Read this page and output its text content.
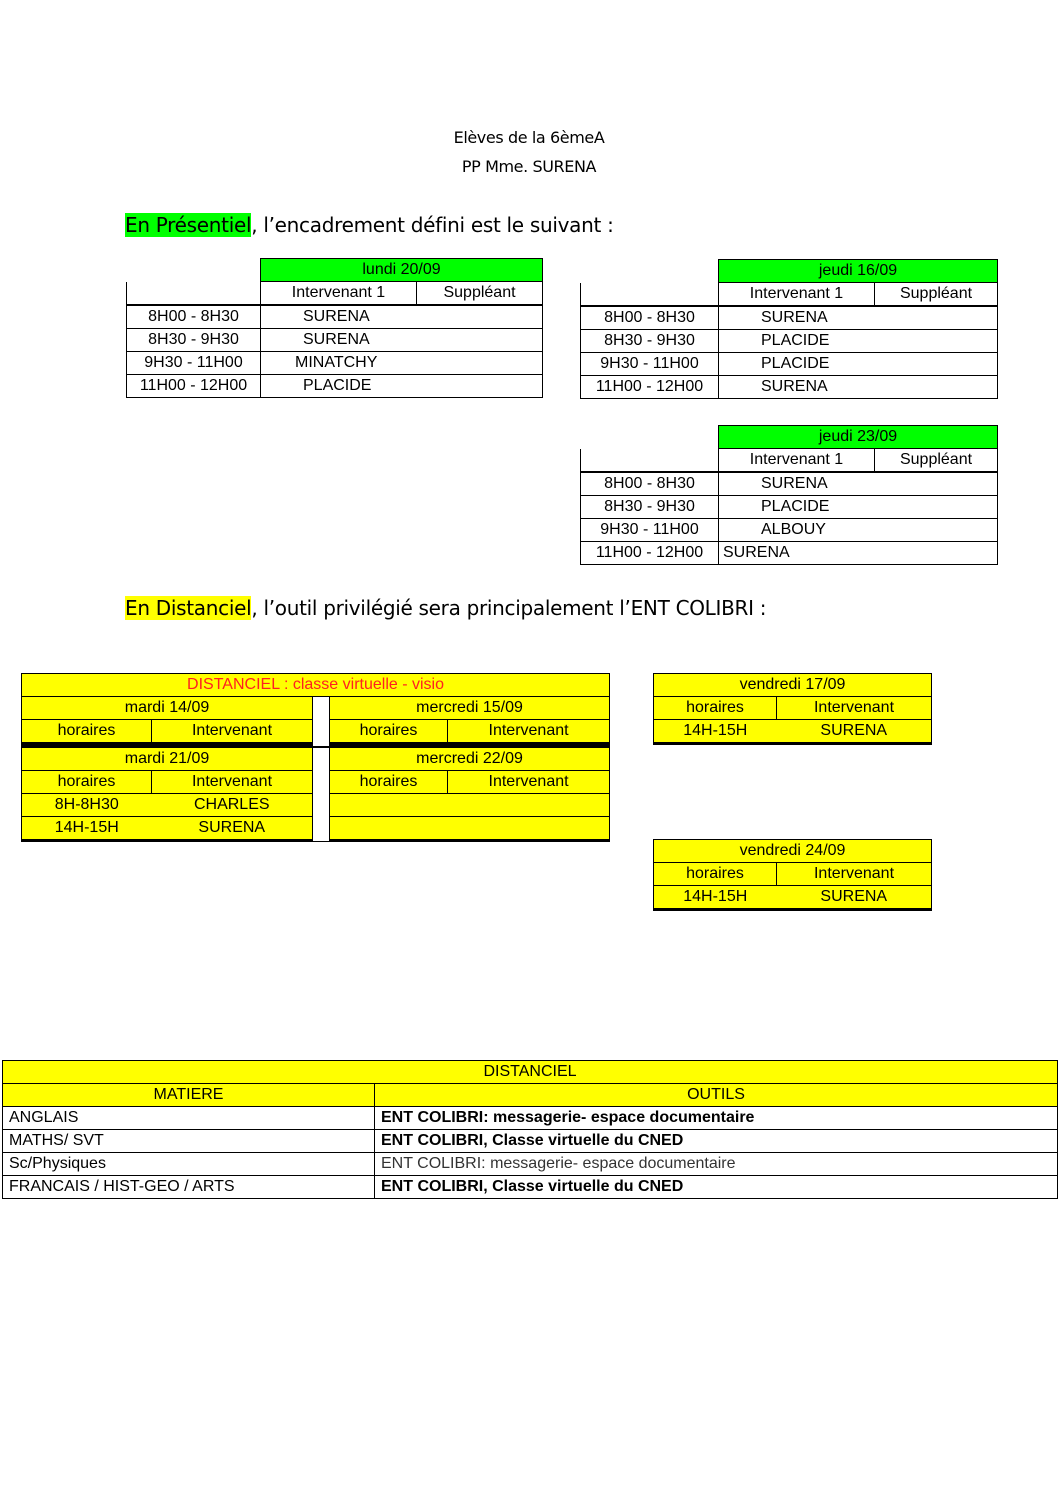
Elèves de la 6èmeA
PP Mme. SURENA
En Présentiel, l’encadrement défini est le suivant :
	lundi 20/09	
	Intervenant 1	Suppléant
8H00 - 8H30	SURENA	
8H30 - 9H30	SURENA	
9H30 - 11H00	MINATCHY	
11H00 - 12H00	PLACIDE	
	jeudi 16/09	
	Intervenant 1	Suppléant
8H00 - 8H30	SURENA	
8H30 - 9H30	PLACIDE	
9H30 - 11H00	PLACIDE	
11H00 - 12H00	SURENA	
	jeudi 23/09	
	Intervenant 1	Suppléant
8H00 - 8H30	SURENA	
8H30 - 9H30	PLACIDE	
9H30 - 11H00	ALBOUY	
11H00 - 12H00	SURENA	
En Distanciel, l’outil privilégié sera principalement l’ENT COLIBRI :
DISTANCIEL : classe virtuelle - visio				
mardi 14/09			mercredi 15/09	
horaires	Intervenant		horaires	Intervenant

mardi 21/09			mercredi 22/09	
horaires	Intervenant		horaires	Intervenant
8H-8H30	CHARLES			
14H-15H	SURENA			

vendredi 17/09	
horaires	Intervenant
14H-15H	SURENA

vendredi 24/09	
horaires	Intervenant
14H-15H	SURENA

DISTANCIEL	
MATIERE	OUTILS
ANGLAIS	ENT COLIBRI: messagerie- espace documentaire
MATHS/ SVT	ENT COLIBRI, Classe virtuelle du CNED
Sc/Physiques	ENT COLIBRI: messagerie- espace documentaire
FRANCAIS / HIST-GEO / ARTS	ENT COLIBRI, Classe virtuelle du CNED
